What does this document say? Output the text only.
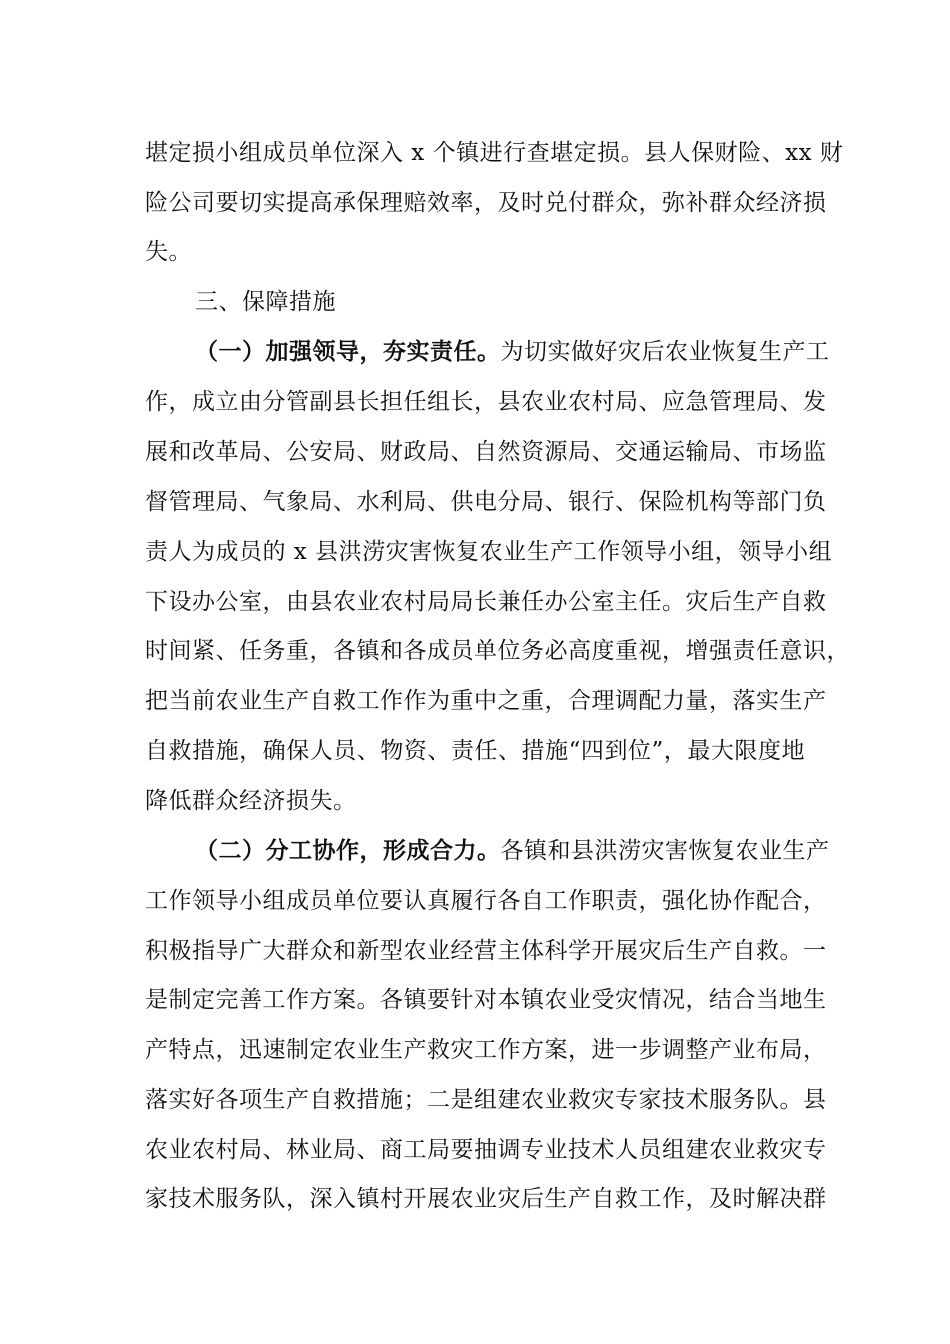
堪定损小组成员单位深入 x 个镇进行查堪定损。县人保财险、xx 财
险公司要切实提高承保理赔效率，及时兑付群众，弥补群众经济损
失。
三、保障措施
（一）加强领导，夯实责任。为切实做好灾后农业恢复生产工
作，成立由分管副县长担任组长，县农业农村局、应急管理局、发
展和改革局、公安局、财政局、自然资源局、交通运输局、市场监
督管理局、气象局、水利局、供电分局、银行、保险机构等部门负
责人为成员的 x 县洪涝灾害恢复农业生产工作领导小组，领导小组
下设办公室，由县农业农村局局长兼任办公室主任。灾后生产自救
时间紧、任务重，各镇和各成员单位务必高度重视，增强责任意识，
把当前农业生产自救工作作为重中之重，合理调配力量，落实生产
自救措施，确保人员、物资、责任、措施“四到位”，最大限度地
降低群众经济损失。
（二）分工协作，形成合力。各镇和县洪涝灾害恢复农业生产
工作领导小组成员单位要认真履行各自工作职责，强化协作配合，
积极指导广大群众和新型农业经营主体科学开展灾后生产自救。一
是制定完善工作方案。各镇要针对本镇农业受灾情况，结合当地生
产特点，迅速制定农业生产救灾工作方案，进一步调整产业布局，
落实好各项生产自救措施；二是组建农业救灾专家技术服务队。县
农业农村局、林业局、商工局要抽调专业技术人员组建农业救灾专
家技术服务队，深入镇村开展农业灾后生产自救工作，及时解决群
